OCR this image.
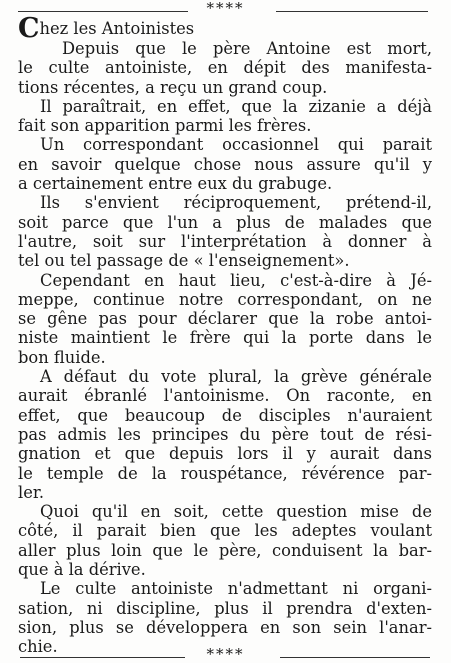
****
Chez les Antoinistes
Depuis que le père Antoine est mort,
le culte antoiniste, en dépit des manifesta-
tions récentes, a reçu un grand coup.
Il paraîtrait, en effet, que la zizanie a déjà
fait son apparition parmi les frères.
Un correspondant occasionnel qui parait
en savoir quelque chose nous assure qu'il y
a certainement entre eux du grabuge.
Ils s'envient réciproquement, prétend-il,
soit parce que l'un a plus de malades que
l'autre, soit sur l'interprétation à donner à
tel ou tel passage de « l'enseignement».
Cependant en haut lieu, c'est-à-dire à Jé-
meppe, continue notre correspondant, on ne
se gêne pas pour déclarer que la robe antoi-
niste maintient le frère qui la porte dans le
bon fluide.
A défaut du vote plural, la grève générale
aurait ébranlé l'antoinisme. On raconte, en
effet, que beaucoup de disciples n'auraient
pas admis les principes du père tout de rési-
gnation et que depuis lors il y aurait dans
le temple de la rouspétance, révérence par-
ler.
Quoi qu'il en soit, cette question mise de
côté, il parait bien que les adeptes voulant
aller plus loin que le père, conduisent la bar-
que à la dérive.
Le culte antoiniste n'admettant ni organi-
sation, ni discipline, plus il prendra d'exten-
sion, plus se développera en son sein l'anar-
chie.	****
